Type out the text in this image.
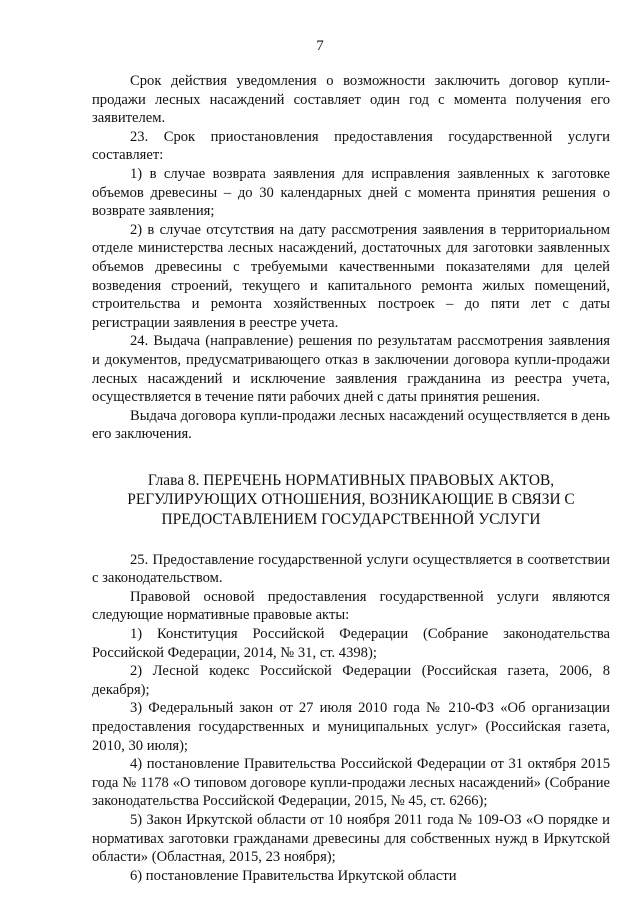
7

Срок действия уведомления о возможности заключить договор купли-продажи лесных насаждений составляет один год с момента получения его заявителем.

23. Срок приостановления предоставления государственной услуги составляет:

1) в случае возврата заявления для исправления заявленных к заготовке объемов древесины – до 30 календарных дней с момента принятия решения о возврате заявления;

2) в случае отсутствия на дату рассмотрения заявления в территориальном отделе министерства лесных насаждений, достаточных для заготовки заявленных объемов древесины с требуемыми качественными показателями для целей возведения строений, текущего и капитального ремонта жилых помещений, строительства и ремонта хозяйственных построек – до пяти лет с даты регистрации заявления в реестре учета.

24. Выдача (направление) решения по результатам рассмотрения заявления и документов, предусматривающего отказ в заключении договора купли-продажи лесных насаждений и исключение заявления гражданина из реестра учета, осуществляется в течение пяти рабочих дней с даты принятия решения.

Выдача договора купли-продажи лесных насаждений осуществляется в день его заключения.

Глава 8. ПЕРЕЧЕНЬ НОРМАТИВНЫХ ПРАВОВЫХ АКТОВ,
РЕГУЛИРУЮЩИХ ОТНОШЕНИЯ, ВОЗНИКАЮЩИЕ В СВЯЗИ С
ПРЕДОСТАВЛЕНИЕМ ГОСУДАРСТВЕННОЙ УСЛУГИ

25. Предоставление государственной услуги осуществляется в соответствии с законодательством.

Правовой основой предоставления государственной услуги являются следующие нормативные правовые акты:

1) Конституция Российской Федерации (Собрание законодательства Российской Федерации, 2014, № 31, ст. 4398);

2) Лесной кодекс Российской Федерации (Российская газета, 2006, 8 декабря);

3) Федеральный закон от 27 июля 2010 года № 210-ФЗ «Об организации предоставления государственных и муниципальных услуг» (Российская газета, 2010, 30 июля);

4) постановление Правительства Российской Федерации от 31 октября 2015 года № 1178 «О типовом договоре купли-продажи лесных насаждений» (Собрание законодательства Российской Федерации, 2015, № 45, ст. 6266);

5) Закон Иркутской области от 10 ноября 2011 года № 109-ОЗ «О порядке и нормативах заготовки гражданами древесины для собственных нужд в Иркутской области» (Областная, 2015, 23 ноября);

6) постановление Правительства Иркутской области
